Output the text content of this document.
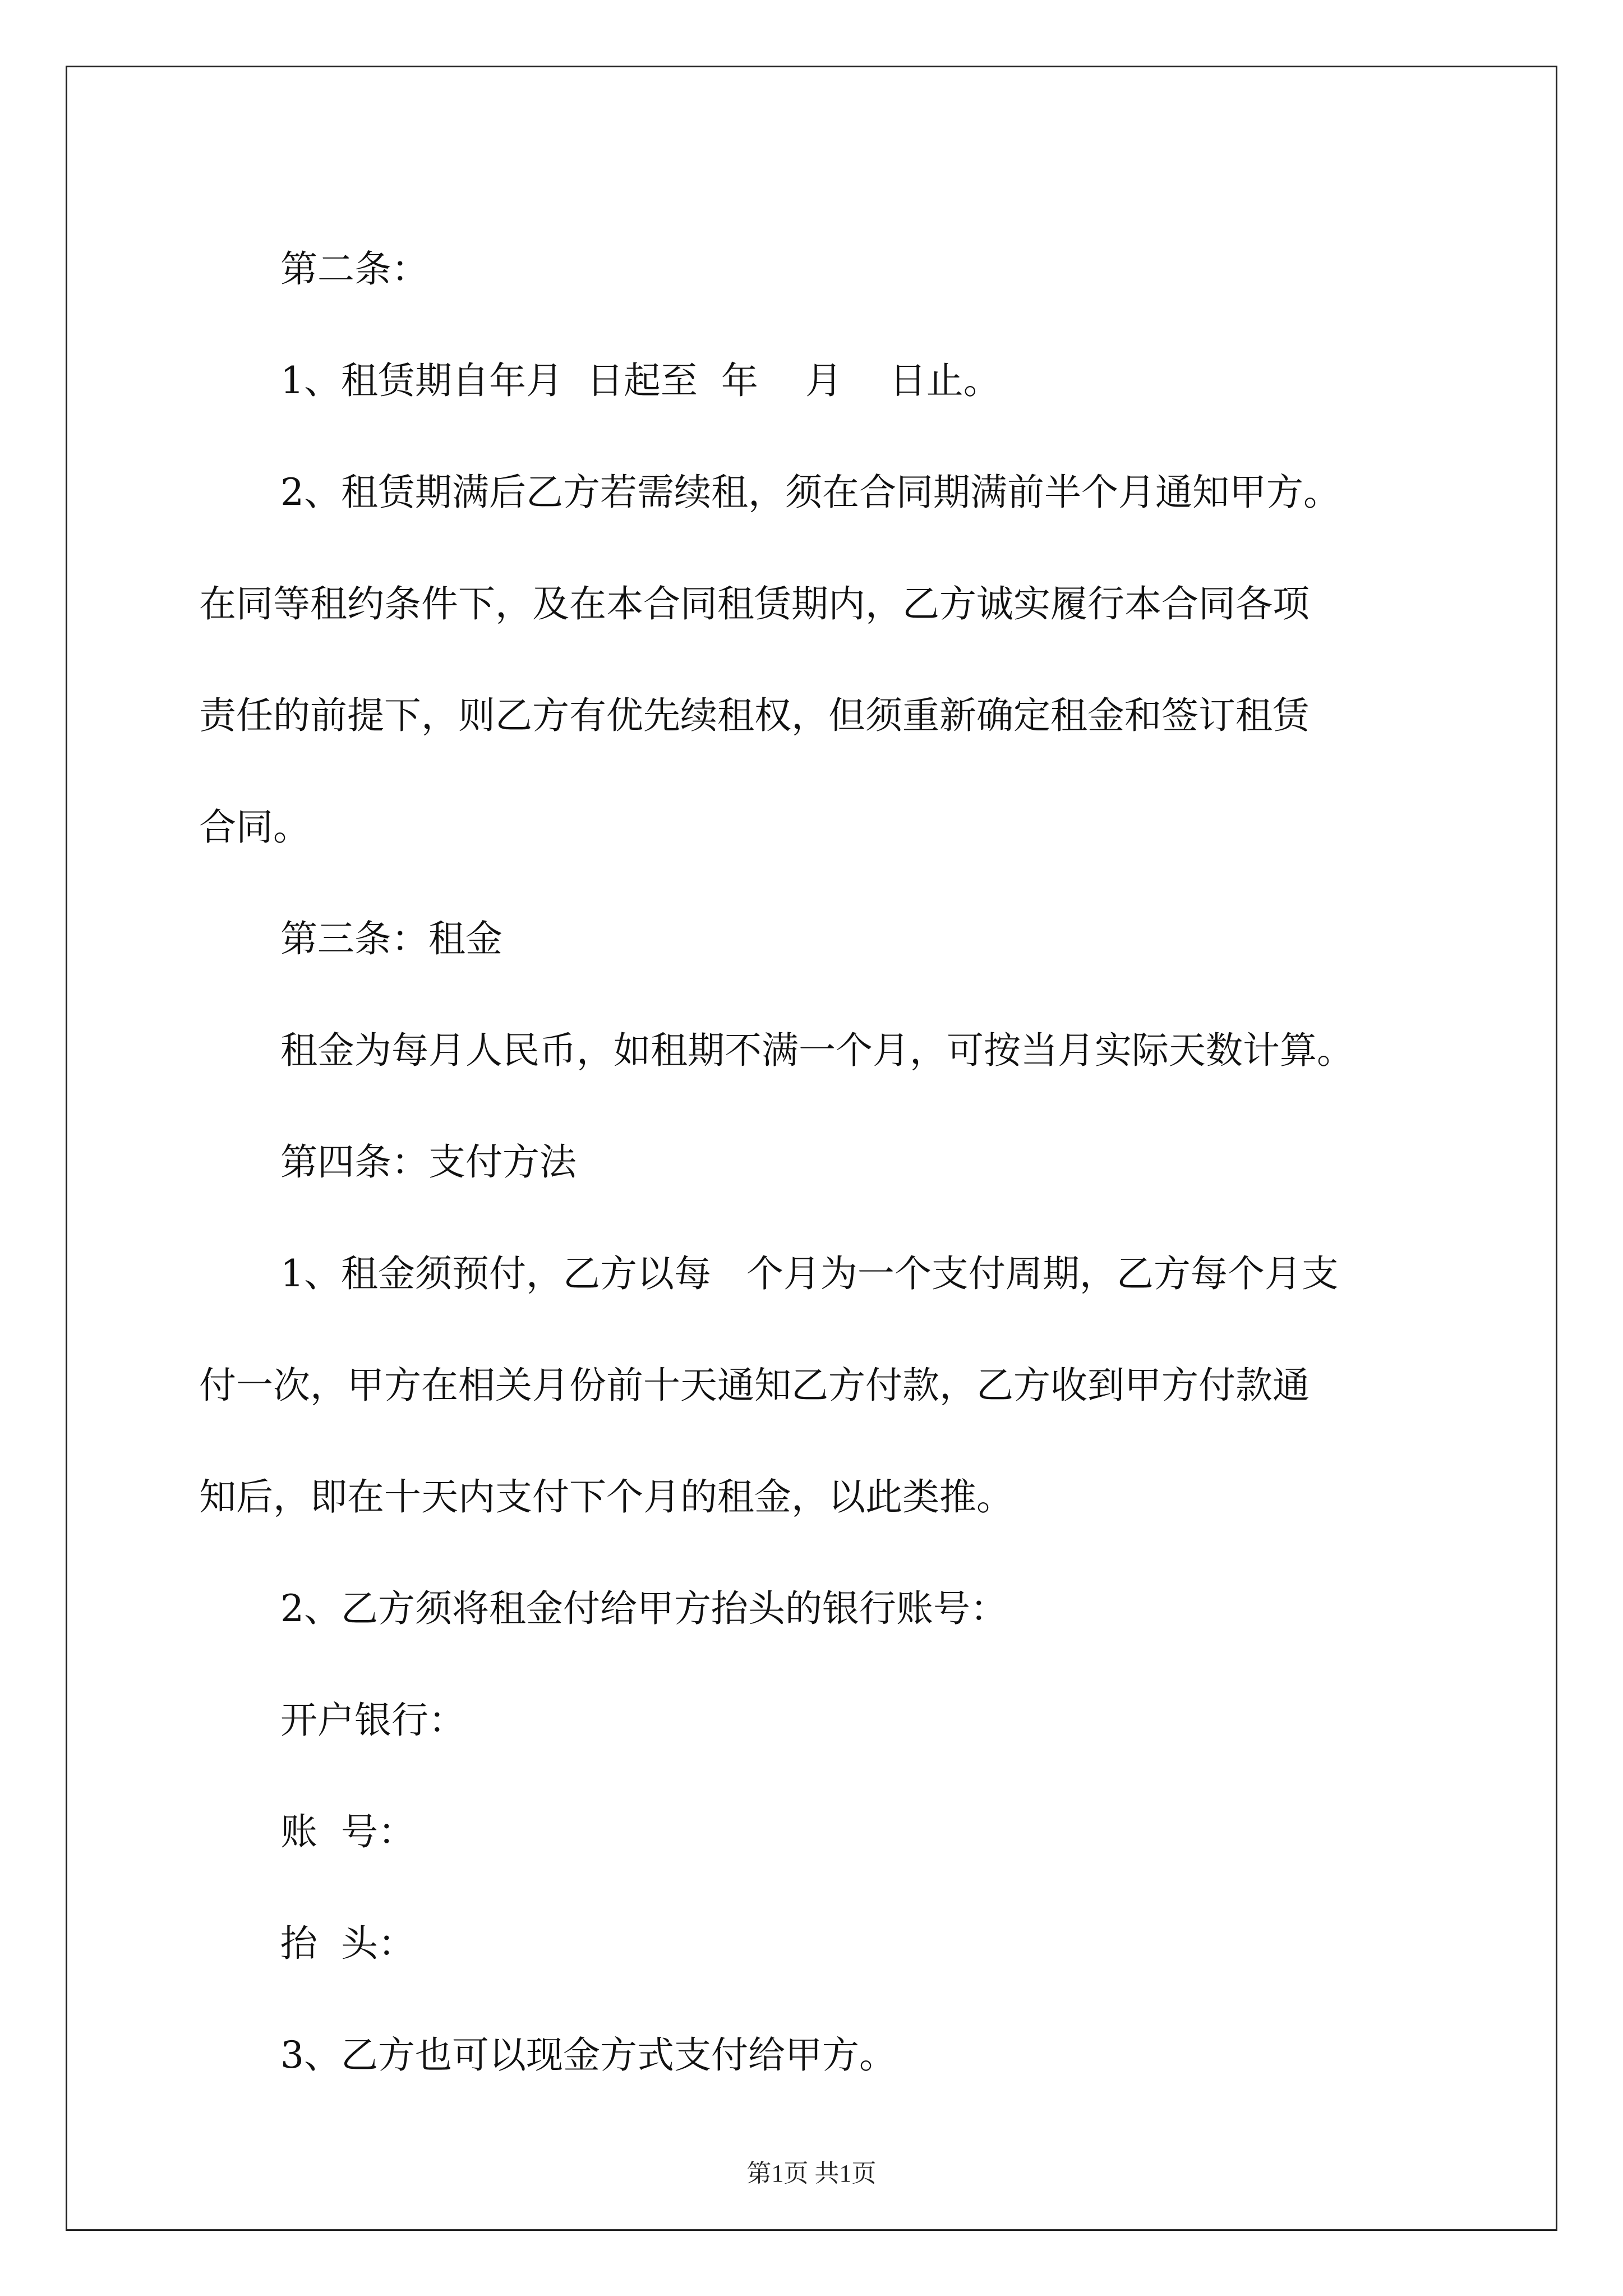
第二条：
1、租赁期自年月  日起至  年    月    日止。
2、租赁期满后乙方若需续租，须在合同期满前半个月通知甲方。
在同等租约条件下，及在本合同租赁期内，乙方诚实履行本合同各项
责任的前提下，则乙方有优先续租权，但须重新确定租金和签订租赁
合同。
第三条：租金
租金为每月人民币，如租期不满一个月，可按当月实际天数计算。
第四条：支付方法
1、租金须预付，乙方以每   个月为一个支付周期，乙方每个月支
付一次，甲方在相关月份前十天通知乙方付款，乙方收到甲方付款通
知后，即在十天内支付下个月的租金，以此类推。
2、乙方须将租金付给甲方抬头的银行账号：
开户银行：
账  号：
抬  头：
3、乙方也可以现金方式支付给甲方。
第1页 共1页
